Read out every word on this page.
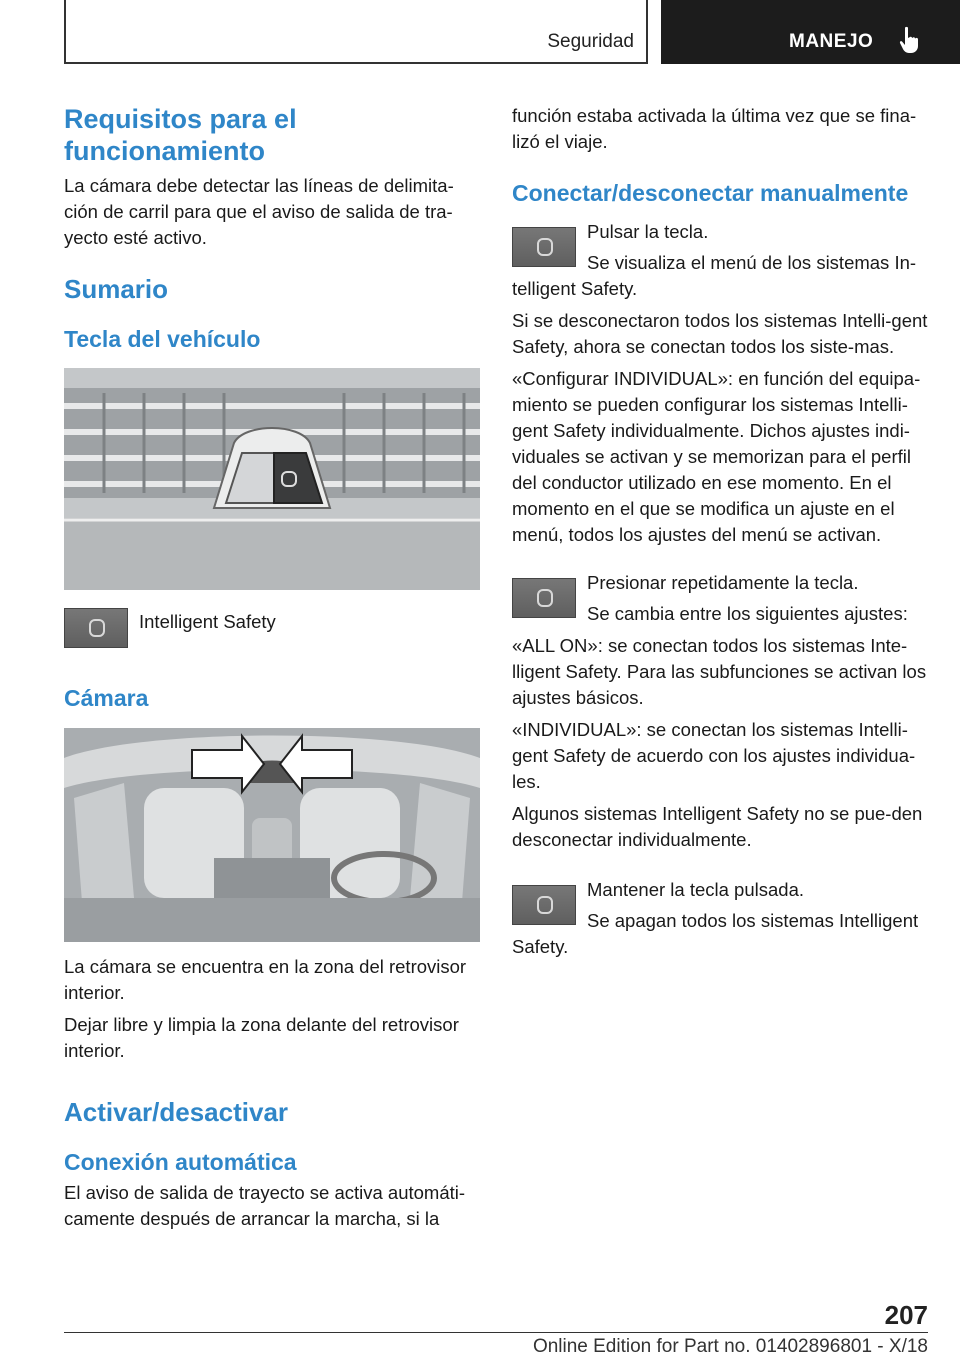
Seguridad	MANEJO
Requisitos para el funcionamiento

La cámara debe detectar las líneas de delimita-ción de carril para que el aviso de salida de tra-yecto esté activo.

Sumario
Tecla del vehículo

Intelligent Safety

Cámara

La cámara se encuentra en la zona del retrovisor interior.

Dejar libre y limpia la zona delante del retrovisor interior.

Activar/desactivar
Conexión automática

El aviso de salida de trayecto se activa automáti-camente después de arrancar la marcha, si la

función estaba activada la última vez que se fina-lizó el viaje.

Conectar/desconectar manualmente

Pulsar la tecla.

Se visualiza el menú de los sistemas In-

telligent Safety.

Si se desconectaron todos los sistemas Intelli-gent Safety, ahora se conectan todos los siste-mas.

«Configurar INDIVIDUAL»: en función del equipa-miento se pueden configurar los sistemas Intelli-gent Safety individualmente. Dichos ajustes indi-viduales se activan y se memorizan para el perfil del conductor utilizado en ese momento. En el momento en el que se modifica un ajuste en el menú, todos los ajustes del menú se activan.

Presionar repetidamente la tecla.

Se cambia entre los siguientes ajustes:

«ALL ON»: se conectan todos los sistemas Inte-lligent Safety. Para las subfunciones se activan los ajustes básicos.

«INDIVIDUAL»: se conectan los sistemas Intelli-gent Safety de acuerdo con los ajustes individua-les.

Algunos sistemas Intelligent Safety no se pue-den desconectar individualmente.

Mantener la tecla pulsada.

Se apagan todos los sistemas Intelligent

Safety.

207
Online Edition for Part no. 01402896801 - X/18
